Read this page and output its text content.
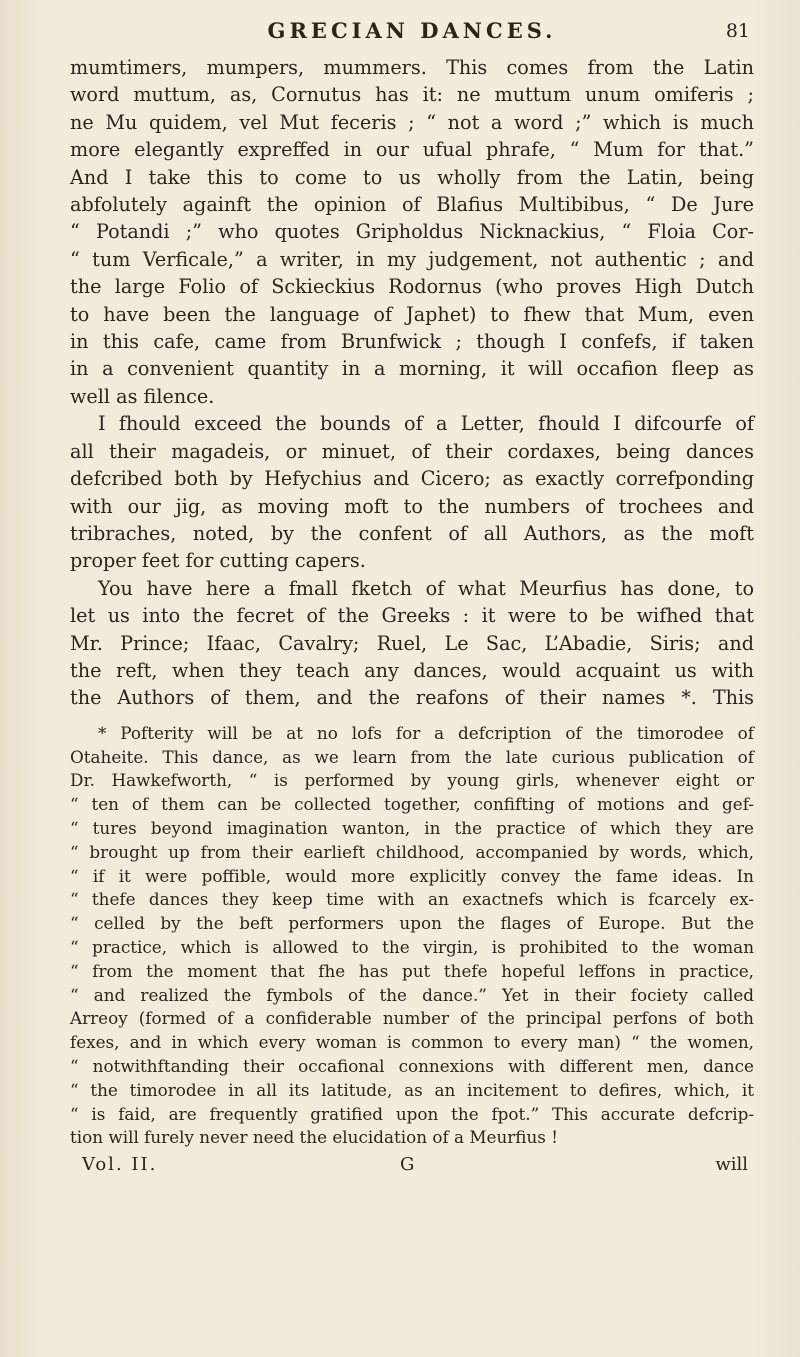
GRECIAN DANCES.	81

mumtimers, mumpers, mummers. This comes from the Latin
word muttum, as, Cornutus has it: ne muttum unum omiferis ;
ne Mu quidem, vel Mut feceris ; “ not a word ;” which is much
more elegantly expreffed in our ufual phrafe, “ Mum for that.”
And I take this to come to us wholly from the Latin, being
abfolutely againft the opinion of Blafius Multibibus, “ De Jure
“ Potandi ;” who quotes Gripholdus Nicknackius, “ Floia Cor-
“ tum Verficale,” a writer, in my judgement, not authentic ; and
the large Folio of Sckieckius Rodornus (who proves High Dutch
to have been the language of Japhet) to fhew that Mum, even
in this cafe, came from Brunfwick ; though I confefs, if taken
in a convenient quantity in a morning, it will occafion fleep as
well as filence.

I fhould exceed the bounds of a Letter, fhould I difcourfe of
all their magadeis, or minuet, of their cordaxes, being dances
defcribed both by Hefychius and Cicero; as exactly correfponding
with our jig, as moving moft to the numbers of trochees and
tribraches, noted, by the confent of all Authors, as the moft
proper feet for cutting capers.

You have here a fmall fketch of what Meurfius has done, to
let us into the fecret of the Greeks : it were to be wifhed that
Mr. Prince; Ifaac, Cavalry; Ruel, Le Sac, L’Abadie, Siris; and
the reft, when they teach any dances, would acquaint us with
the Authors of them, and the reafons of their names *. This

* Pofterity will be at no lofs for a defcription of the timorodee of
Otaheite. This dance, as we learn from the late curious publication of
Dr. Hawkefworth, “ is performed by young girls, whenever eight or
“ ten of them can be collected together, confifting of motions and gef-
“ tures beyond imagination wanton, in the practice of which they are
“ brought up from their earlieft childhood, accompanied by words, which,
“ if it were poffible, would more explicitly convey the fame ideas. In
“ thefe dances they keep time with an exactnefs which is fcarcely ex-
“ celled by the beft performers upon the flages of Europe. But the
“ practice, which is allowed to the virgin, is prohibited to the woman
“ from the moment that fhe has put thefe hopeful leffons in practice,
“ and realized the fymbols of the dance.” Yet in their fociety called
Arreoy (formed of a confiderable number of the principal perfons of both
fexes, and in which every woman is common to every man) “ the women,
“ notwithftanding their occafional connexions with different men, dance
“ the timorodee in all its latitude, as an incitement to defires, which, it
“ is faid, are frequently gratified upon the fpot.” This accurate defcrip-
tion will furely never need the elucidation of a Meurfius !
Vol. II.	G	will
